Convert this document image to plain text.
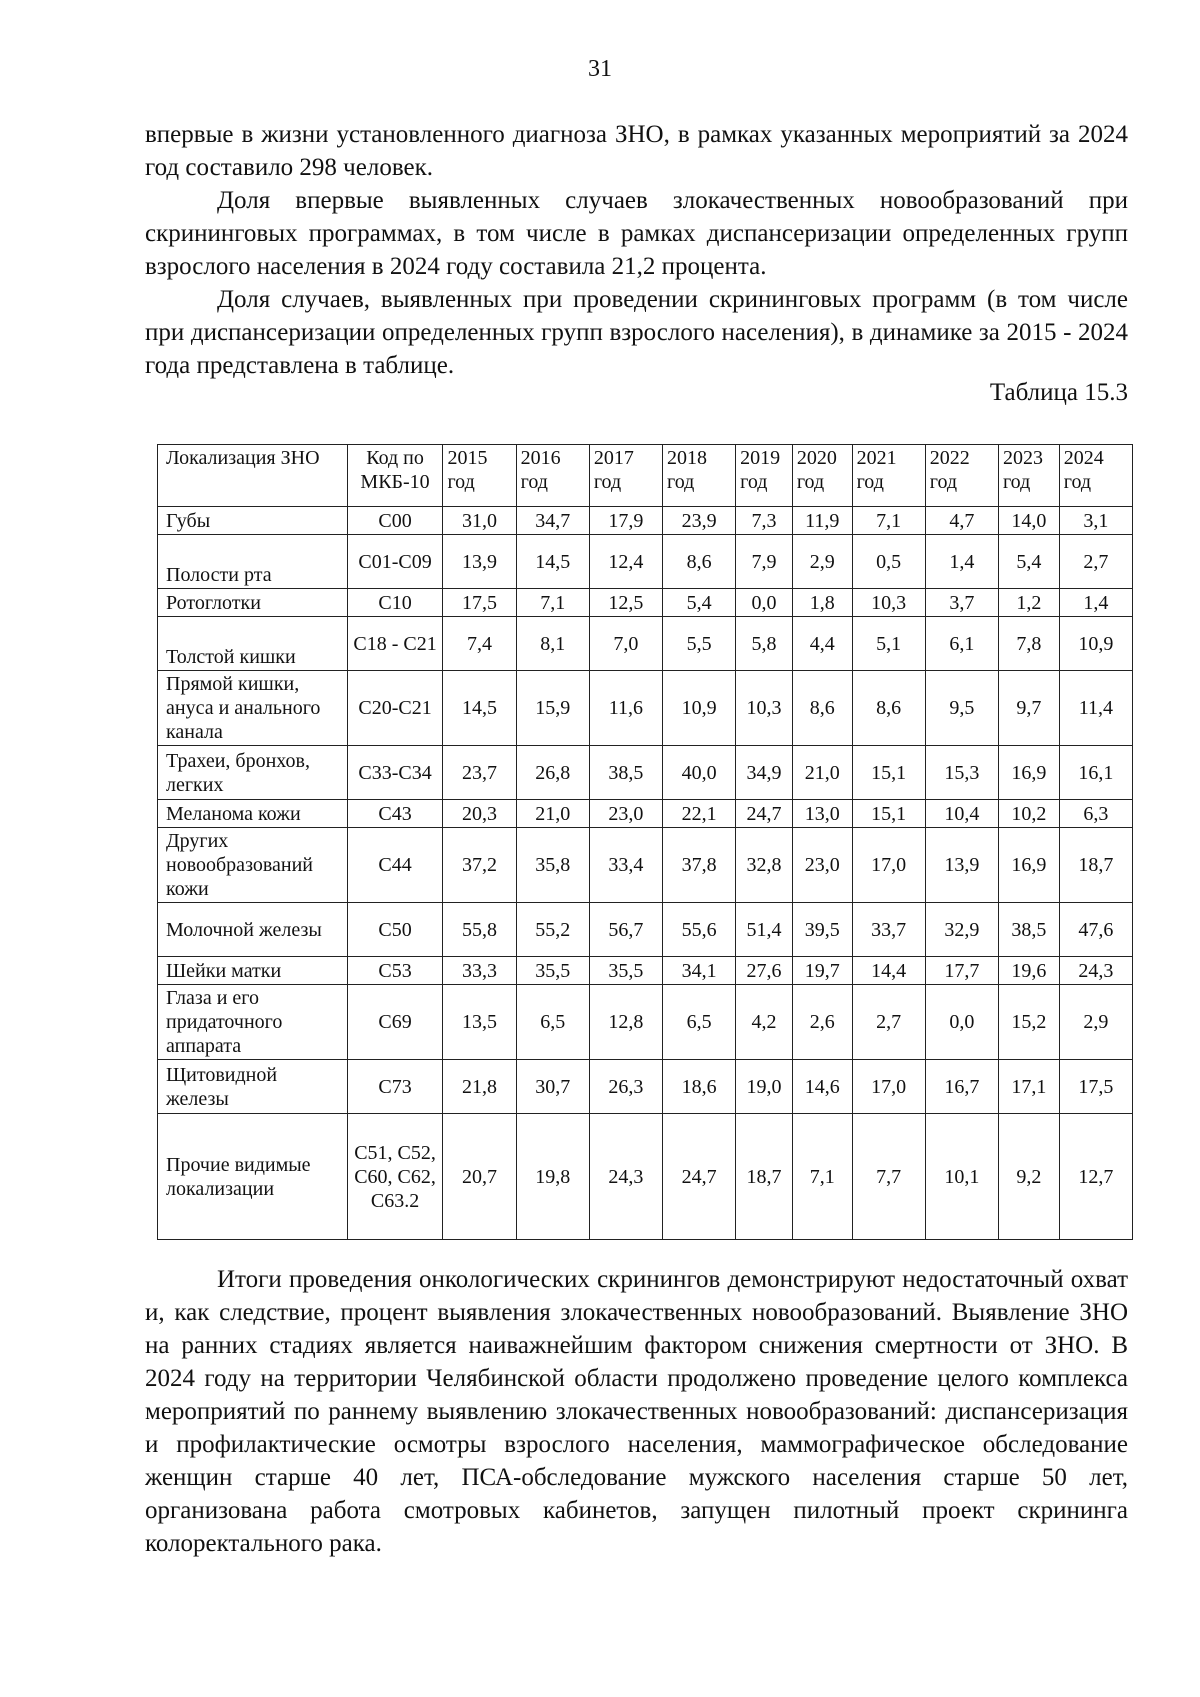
31

впервые в жизни установленного диагноза ЗНО, в рамках указанных мероприятий за 2024 год составило 298 человек.

Доля впервые выявленных случаев злокачественных новообразований при скрининговых программах, в том числе в рамках диспансеризации определенных групп взрослого населения в 2024 году составила 21,2 процента.

Доля случаев, выявленных при проведении скрининговых программ (в том числе при диспансеризации определенных групп взрослого населения), в динамике за 2015 - 2024 года представлена в таблице.

Таблица 15.3
Локализация ЗНО	Код по МКБ-10	2015 год	2016 год	2017 год	2018 год	2019 год	2020 год	2021 год	2022 год	2023 год	2024 год
Губы	С00	31,0	34,7	17,9	23,9	7,3	11,9	7,1	4,7	14,0	3,1
Полости рта	С01-С09	13,9	14,5	12,4	8,6	7,9	2,9	0,5	1,4	5,4	2,7
Ротоглотки	С10	17,5	7,1	12,5	5,4	0,0	1,8	10,3	3,7	1,2	1,4
Толстой кишки	С18 - С21	7,4	8,1	7,0	5,5	5,8	4,4	5,1	6,1	7,8	10,9
Прямой кишки, ануса и анального канала	С20-С21	14,5	15,9	11,6	10,9	10,3	8,6	8,6	9,5	9,7	11,4
Трахеи, бронхов, легких	С33-С34	23,7	26,8	38,5	40,0	34,9	21,0	15,1	15,3	16,9	16,1
Меланома кожи	С43	20,3	21,0	23,0	22,1	24,7	13,0	15,1	10,4	10,2	6,3
Других новообразований кожи	С44	37,2	35,8	33,4	37,8	32,8	23,0	17,0	13,9	16,9	18,7
Молочной железы	С50	55,8	55,2	56,7	55,6	51,4	39,5	33,7	32,9	38,5	47,6
Шейки матки	С53	33,3	35,5	35,5	34,1	27,6	19,7	14,4	17,7	19,6	24,3
Глаза и его придаточного аппарата	С69	13,5	6,5	12,8	6,5	4,2	2,6	2,7	0,0	15,2	2,9
Щитовидной железы	С73	21,8	30,7	26,3	18,6	19,0	14,6	17,0	16,7	17,1	17,5
Прочие видимые локализации	С51, С52, С60, С62, С63.2	20,7	19,8	24,3	24,7	18,7	7,1	7,7	10,1	9,2	12,7

Итоги проведения онкологических скринингов демонстрируют недостаточный охват и, как следствие, процент выявления злокачественных новообразований. Выявление ЗНО на ранних стадиях является наиважнейшим фактором снижения смертности от ЗНО. В 2024 году на территории Челябинской области продолжено проведение целого комплекса мероприятий по раннему выявлению злокачественных новообразований: диспансеризация и профилактические осмотры взрослого населения, маммографическое обследование женщин старше 40 лет, ПСА-обследование мужского населения старше 50 лет, организована работа смотровых кабинетов, запущен пилотный проект скрининга колоректального рака.
